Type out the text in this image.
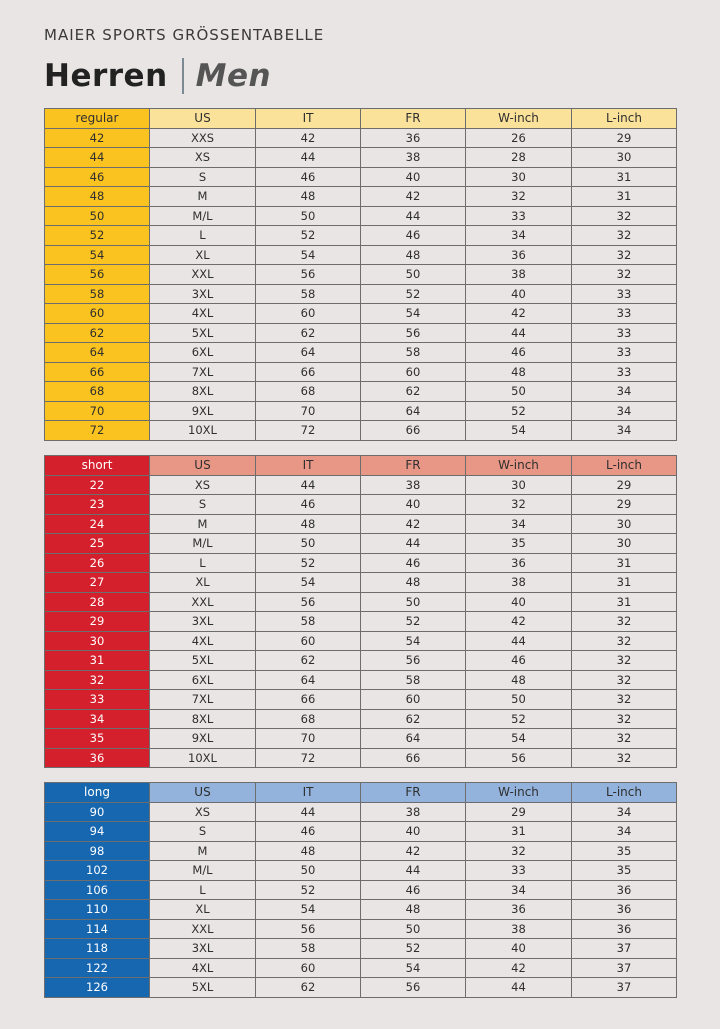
MAIER SPORTS GRÖSSENTABELLE
Herren Men
regular	US	IT	FR	W-inch	L-inch
42	XXS	42	36	26	29
44	XS	44	38	28	30
46	S	46	40	30	31
48	M	48	42	32	31
50	M/L	50	44	33	32
52	L	52	46	34	32
54	XL	54	48	36	32
56	XXL	56	50	38	32
58	3XL	58	52	40	33
60	4XL	60	54	42	33
62	5XL	62	56	44	33
64	6XL	64	58	46	33
66	7XL	66	60	48	33
68	8XL	68	62	50	34
70	9XL	70	64	52	34
72	10XL	72	66	54	34
short	US	IT	FR	W-inch	L-inch
22	XS	44	38	30	29
23	S	46	40	32	29
24	M	48	42	34	30
25	M/L	50	44	35	30
26	L	52	46	36	31
27	XL	54	48	38	31
28	XXL	56	50	40	31
29	3XL	58	52	42	32
30	4XL	60	54	44	32
31	5XL	62	56	46	32
32	6XL	64	58	48	32
33	7XL	66	60	50	32
34	8XL	68	62	52	32
35	9XL	70	64	54	32
36	10XL	72	66	56	32
long	US	IT	FR	W-inch	L-inch
90	XS	44	38	29	34
94	S	46	40	31	34
98	M	48	42	32	35
102	M/L	50	44	33	35
106	L	52	46	34	36
110	XL	54	48	36	36
114	XXL	56	50	38	36
118	3XL	58	52	40	37
122	4XL	60	54	42	37
126	5XL	62	56	44	37
